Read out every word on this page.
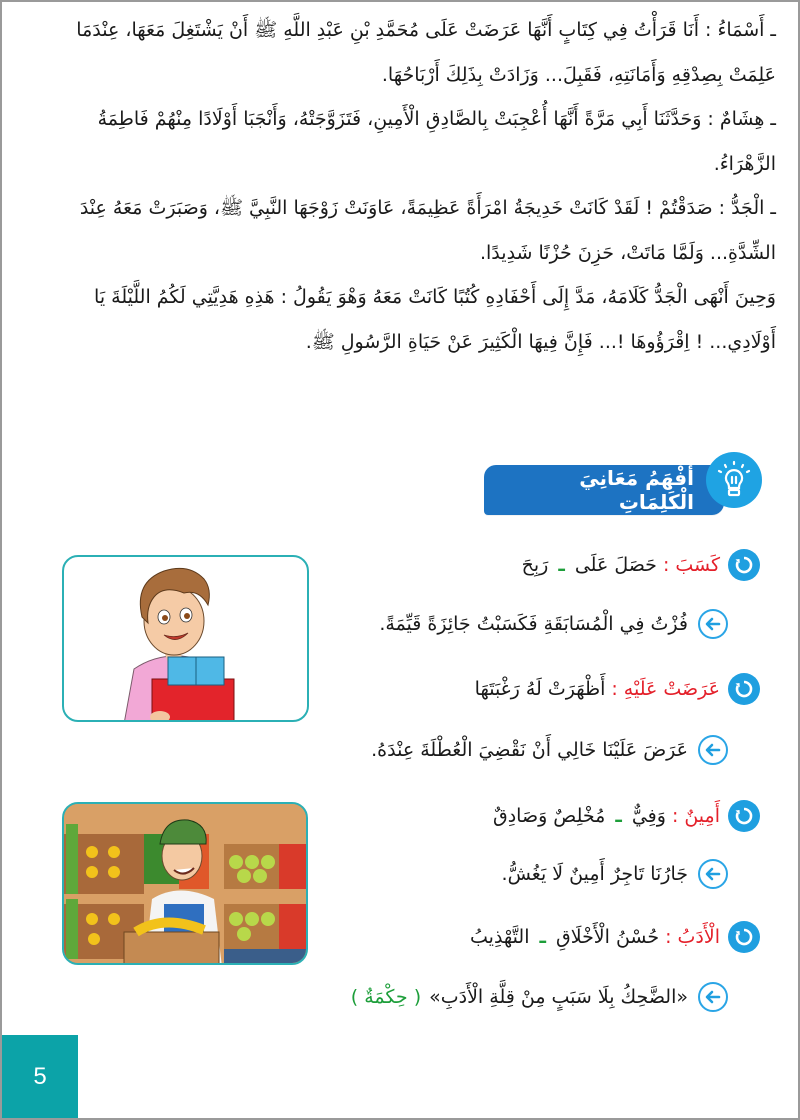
ـ أَسْمَاءُ : أَنَا قَرَأْتُ فِي كِتَابٍ أَنَّهَا عَرَضَتْ عَلَى مُحَمَّدِ بْنِ عَبْدِ اللَّهِ ﷺ أَنْ يَشْتَغِلَ مَعَهَا، عِنْدَمَا عَلِمَتْ بِصِدْقِهِ وَأَمَانَتِهِ، فَقَبِلَ... وَزَادَتْ بِذَلِكَ أَرْبَاحُهَا.

ـ هِشَامٌ : وَحَدَّثَنَا أَبِي مَرَّةً أَنَّهَا أُعْجِبَتْ بِالصَّادِقِ الْأَمِينِ، فَتَزَوَّجَتْهُ، وَأَنْجَبَا أَوْلَادًا مِنْهُمْ فَاطِمَةُ الزَّهْرَاءُ.

ـ الْجَدُّ : صَدَقْتُمْ ! لَقَدْ كَانَتْ خَدِيجَةُ امْرَأَةً عَظِيمَةً، عَاوَنَتْ زَوْجَهَا النَّبِيَّ ﷺ، وَصَبَرَتْ مَعَهُ عِنْدَ الشِّدَّةِ... وَلَمَّا مَاتَتْ، حَزِنَ حُزْنًا شَدِيدًا.

وَحِينَ أَنْهَى الْجَدُّ كَلَامَهُ، مَدَّ إِلَى أَحْفَادِهِ كُتُبًا كَانَتْ مَعَهُ وَهْوَ يَقُولُ : هَذِهِ هَدِيَّتِي لَكُمُ اللَّيْلَةَ يَا أَوْلَادِي... ! اِقْرَؤُوهَا !... فَإِنَّ فِيهَا الْكَثِيرَ عَنْ حَيَاةِ الرَّسُولِ ﷺ.

أَفْهَمُ مَعَانِيَ الْكَلِمَاتِ
كَسَبَ
:
حَصَلَ عَلَى
ـ
رَبِحَ
فُزْتُ فِي الْمُسَابَقَةِ فَكَسَبْتُ جَائِزَةً قَيِّمَةً.
عَرَضَتْ عَلَيْهِ
:
أَظْهَرَتْ لَهُ رَغْبَتَهَا
عَرَضَ عَلَيْنَا خَالِي أَنْ نَقْضِيَ الْعُطْلَةَ عِنْدَهُ.
أَمِينٌ
:
وَفِيٌّ
ـ
مُخْلِصٌ وَصَادِقٌ
جَارُنَا تَاجِرٌ أَمِينٌ لَا يَغُشُّ.
الْأَدَبُ
:
حُسْنُ الْأَخْلَاقِ
ـ
التَّهْذِيبُ
«الضَّحِكُ بِلَا سَبَبٍ مِنْ قِلَّةِ الْأَدَبِ»
( حِكْمَةٌ )
5
